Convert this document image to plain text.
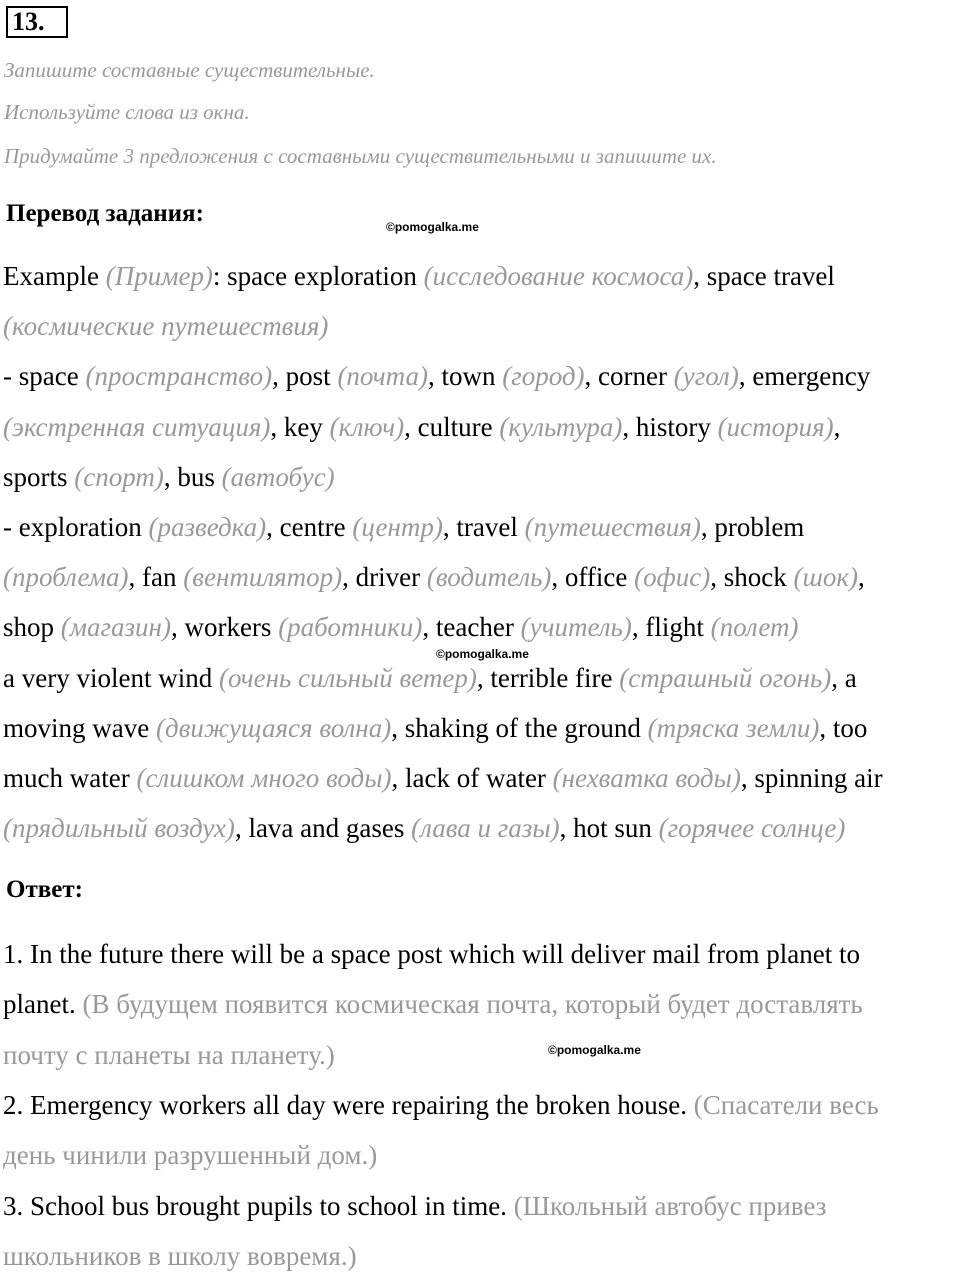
13.
Запишите составные существительные.
Используйте слова из окна.
Придумайте 3 предложения с составными существительными и запишите их.
Перевод задания:	©pomogalka.me
©pomogalka.me
©pomogalka.me
Example (Пример): space exploration (исследование космоса), space travel
(космические путешествия)
- space (пространство), post (почта), town (город), corner (угол), emergency
(экстренная ситуация), key (ключ), culture (культура), history (история),
sports (спорт), bus (автобус)
- exploration (разведка), centre (центр), travel (путешествия), problem
(проблема), fan (вентилятор), driver (водитель), office (офис), shock (шок),
shop (магазин), workers (работники), teacher (учитель), flight (полет)
a very violent wind (очень сильный ветер), terrible fire (страшный огонь), a
moving wave (движущаяся волна), shaking of the ground (тряска земли), too
much water (слишком много воды), lack of water (нехватка воды), spinning air
(прядильный воздух), lava and gases (лава и газы), hot sun (горячее солнце)
Ответ:
1. In the future there will be a space post which will deliver mail from planet to
planet. (В будущем появится космическая почта, который будет доставлять
почту с планеты на планету.)
2. Emergency workers all day were repairing the broken house. (Спасатели весь
день чинили разрушенный дом.)
3. School bus brought pupils to school in time. (Школьный автобус привез
школьников в школу вовремя.)
